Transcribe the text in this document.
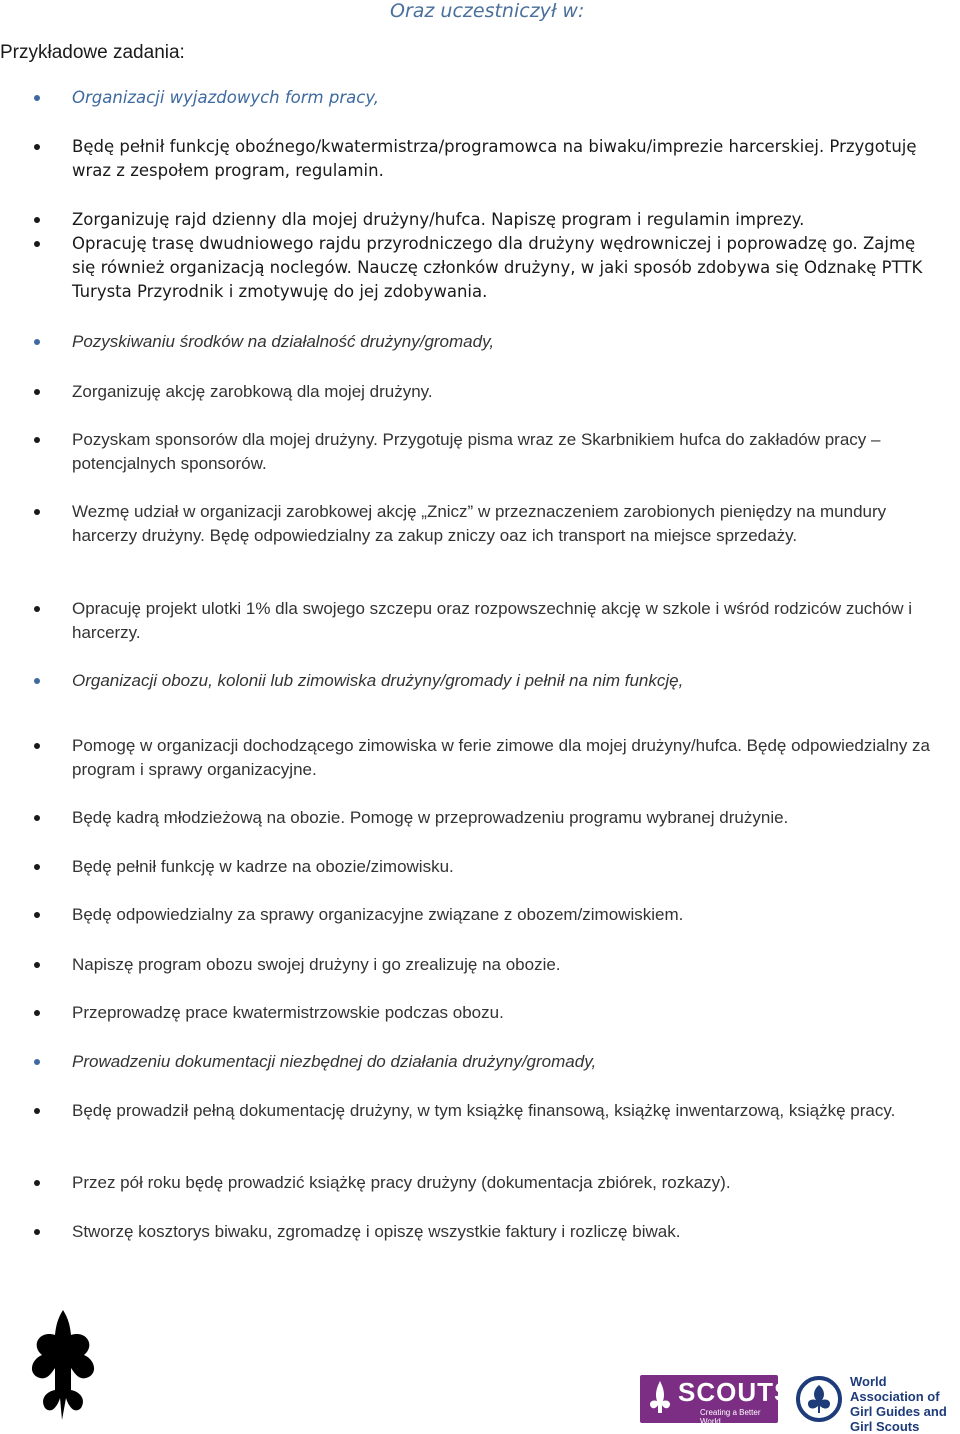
Oraz uczestniczył w:
Przykładowe zadania:
Organizacji wyjazdowych form pracy,
Będę pełnił funkcję oboźnego/kwatermistrza/programowca na biwaku/imprezie harcerskiej. Przygotuję wraz z zespołem program, regulamin.
Zorganizuję rajd dzienny dla mojej drużyny/hufca. Napiszę program i regulamin imprezy.
Opracuję trasę dwudniowego rajdu przyrodniczego dla drużyny wędrowniczej i poprowadzę go. Zajmę się również organizacją noclegów. Nauczę członków drużyny, w jaki sposób zdobywa się Odznakę PTTK Turysta Przyrodnik i zmotywuję do jej zdobywania.
Pozyskiwaniu środków na działalność drużyny/gromady,
Zorganizuję akcję zarobkową dla mojej drużyny.
Pozyskam sponsorów dla mojej drużyny. Przygotuję pisma wraz ze Skarbnikiem hufca do zakładów pracy – potencjalnych sponsorów.
Wezmę udział w organizacji zarobkowej akcję „Znicz” w przeznaczeniem zarobionych pieniędzy na mundury harcerzy drużyny. Będę odpowiedzialny za zakup zniczy oaz ich transport na miejsce sprzedaży.
Opracuję projekt ulotki 1% dla swojego szczepu oraz rozpowszechnię akcję w szkole i wśród rodziców zuchów i harcerzy.
Organizacji obozu, kolonii lub zimowiska drużyny/gromady i pełnił na nim funkcję,
Pomogę w organizacji dochodzącego zimowiska w ferie zimowe dla mojej drużyny/hufca. Będę odpowiedzialny za program i sprawy organizacyjne.
Będę kadrą młodzieżową na obozie. Pomogę w przeprowadzeniu programu wybranej drużynie.
Będę pełnił funkcję w kadrze na obozie/zimowisku.
Będę odpowiedzialny za sprawy organizacyjne związane z obozem/zimowiskiem.
Napiszę program obozu swojej drużyny i go zrealizuję na obozie.
Przeprowadzę prace kwatermistrzowskie podczas obozu.
Prowadzeniu dokumentacji niezbędnej do działania drużyny/gromady,
Będę prowadził pełną dokumentację drużyny, w tym książkę finansową, książkę inwentarzową, książkę pracy.
Przez pół roku będę prowadzić książkę pracy drużyny (dokumentacja zbiórek, rozkazy).
Stworzę kosztorys biwaku, zgromadzę i opiszę wszystkie faktury i rozliczę biwak.
SCOUTS
Creating a Better World
World Association of Girl Guides and Girl Scouts
